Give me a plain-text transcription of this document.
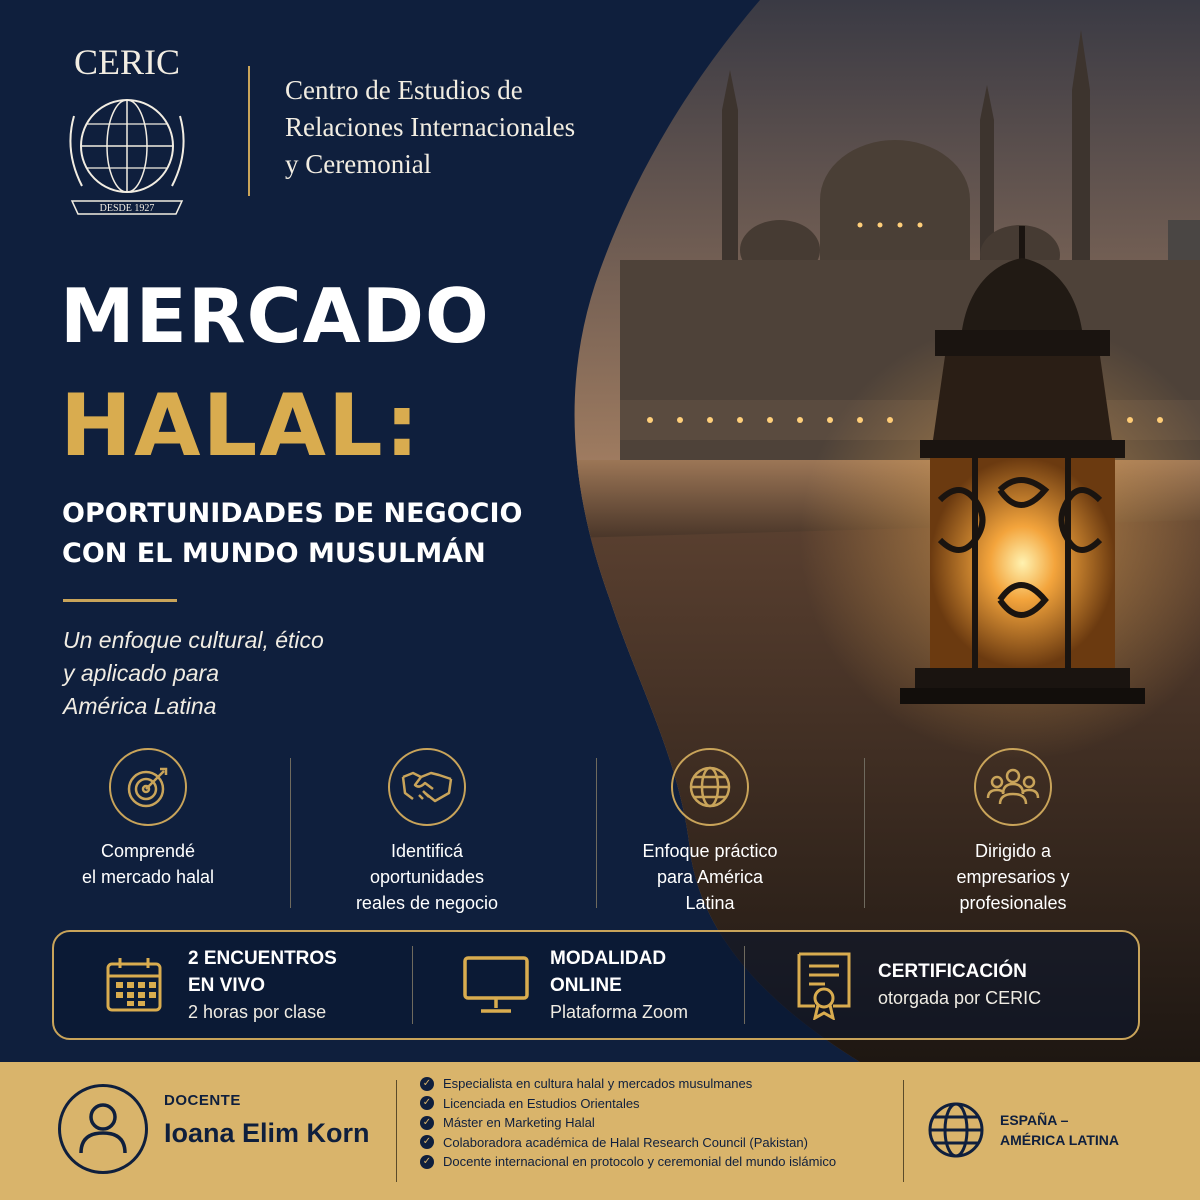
CERIC
DESDE 1927
Centro de Estudios de
Relaciones Internacionales
y Ceremonial
MERCADO
HALAL:
OPORTUNIDADES DE NEGOCIO
CON EL MUNDO MUSULMÁN
Un enfoque cultural, ético
y aplicado para
América Latina
Comprendé
el mercado halal
Identificá
oportunidades
reales de negocio
Enfoque práctico
para América
Latina
Dirigido a
empresarios y
profesionales
2 ENCUENTROS
EN VIVO
2 horas por clase
MODALIDAD
ONLINE
Plataforma Zoom
CERTIFICACIÓN
otorgada por CERIC
DOCENTE
Ioana Elim Korn
✓ Especialista en cultura halal y mercados musulmanes
✓ Licenciada en Estudios Orientales
✓ Máster en Marketing Halal
✓ Colaboradora académica de Halal Research Council (Pakistan)
✓ Docente internacional en protocolo y ceremonial del mundo islámico
ESPAÑA –
AMÉRICA LATINA
